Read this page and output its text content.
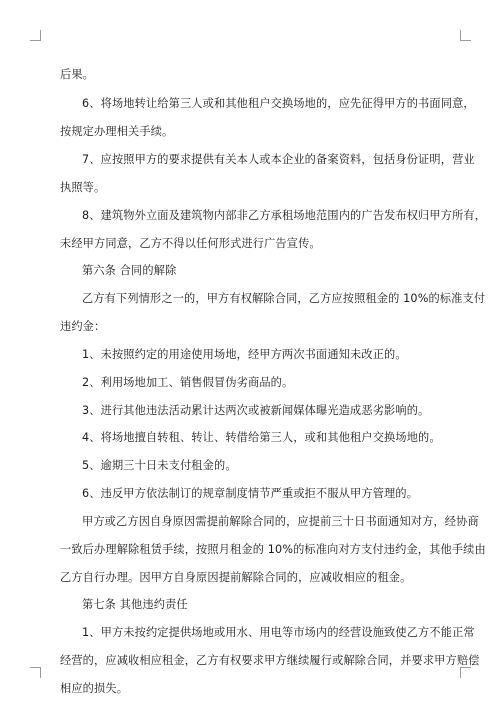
后果。
6、将场地转让给第三人或和其他租户交换场地的，应先征得甲方的书面同意，
按规定办理相关手续。
7、应按照甲方的要求提供有关本人或本企业的备案资料，包括身份证明，营业
执照等。
8、建筑物外立面及建筑物内部非乙方承租场地范围内的广告发布权归甲方所有，
未经甲方同意，乙方不得以任何形式进行广告宣传。
第六条 合同的解除
乙方有下列情形之一的，甲方有权解除合同，乙方应按照租金的 10%的标准支付
违约金：
1、未按照约定的用途使用场地，经甲方两次书面通知未改正的。
2、利用场地加工、销售假冒伪劣商品的。
3、进行其他违法活动累计达两次或被新闻媒体曝光造成恶劣影响的。
4、将场地擅自转租、转让、转借给第三人，或和其他租户交换场地的。
5、逾期三十日未支付租金的。
6、违反甲方依法制订的规章制度情节严重或拒不服从甲方管理的。
甲方或乙方因自身原因需提前解除合同的，应提前三十日书面通知对方，经协商
一致后办理解除租赁手续，按照月租金的 10%的标准向对方支付违约金，其他手续由
乙方自行办理。因甲方自身原因提前解除合同的，应减收相应的租金。
第七条 其他违约责任
1、甲方未按约定提供场地或用水、用电等市场内的经营设施致使乙方不能正常
经营的，应减收相应租金，乙方有权要求甲方继续履行或解除合同，并要求甲方赔偿
相应的损失。
